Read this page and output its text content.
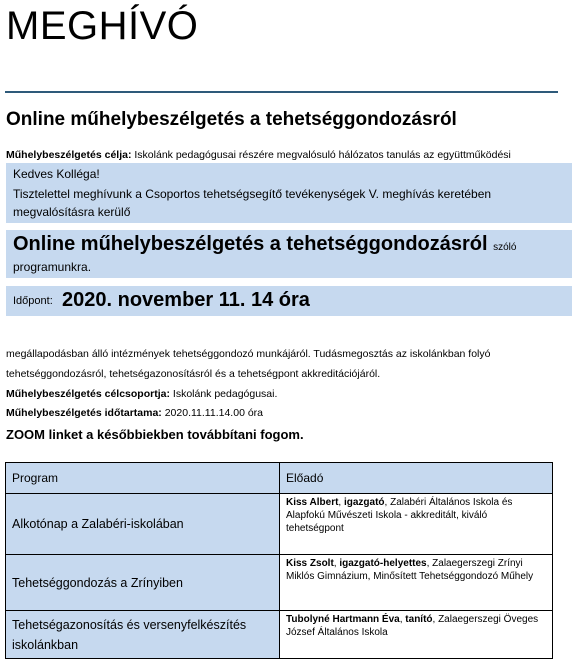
MEGHÍVÓ
Online műhelybeszélgetés a tehetséggondozásról
Műhelybeszélgetés célja: Iskolánk pedagógusai részére megvalósuló hálózatos tanulás az együttműködési
Kedves Kolléga!
Tisztelettel meghívunk a Csoportos tehetségsegítő tevékenységek V. meghívás keretében
megvalósításra kerülő
Online műhelybeszélgetés a tehetséggondozásról szóló
programunkra.
Időpont: 2020. november 11. 14 óra
megállapodásban álló intézmények tehetséggondozó munkájáról. Tudásmegosztás az iskolánkban folyó
tehetséggondozásról, tehetségazonosításról és a tehetségpont akkreditációjáról.
Műhelybeszélgetés célcsoportja: Iskolánk pedagógusai.
Műhelybeszélgetés időtartama: 2020.11.11.14.00 óra
ZOOM linket a későbbiekben továbbítani fogom.
Program	Előadó
Alkotónap a Zalabéri-iskolában	Kiss Albert, igazgató, Zalabéri Általános Iskola és Alapfokú Művészeti Iskola - akkreditált, kiváló tehetségpont
Tehetséggondozás a Zrínyiben	Kiss Zsolt, igazgató-helyettes, Zalaegerszegi Zrínyi Miklós Gimnázium, Minősített Tehetséggondozó Műhely
Tehetségazonosítás és versenyfelkészítés iskolánkban	Tubolyné Hartmann Éva, tanító, Zalaegerszegi Öveges József Általános Iskola
